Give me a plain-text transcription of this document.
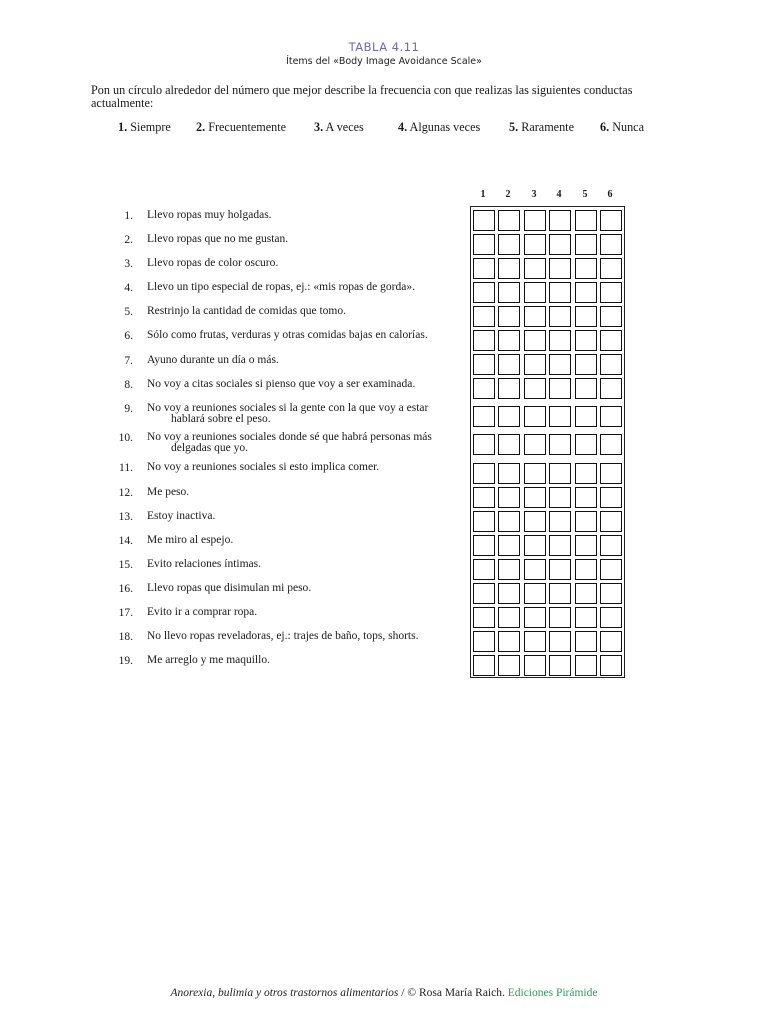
TABLA 4.11
Ítems del «Body Image Avoidance Scale»
Pon un círculo alrededor del número que mejor describe la frecuencia con que realizas las siguientes conductas actualmente:
1. Siempre 2. Frecuentemente 3. A veces	4. Algunas veces 5. Raramente 6. Nunca
1	2	3	4	5	6
1. Llevo ropas muy holgadas.
2. Llevo ropas que no me gustan.
3. Llevo ropas de color oscuro.
4. Llevo un tipo especial de ropas, ej.: «mis ropas de gorda».
5. Restrinjo la cantidad de comidas que tomo.
6. Sólo como frutas, verduras y otras comidas bajas en calorías.
7. Ayuno durante un día o más.
8. No voy a citas sociales si pienso que voy a ser examinada.
9. No voy a reuniones sociales si la gente con la que voy a estar
hablará sobre el peso.
10. No voy a reuniones sociales donde sé que habrá personas más
delgadas que yo.
11. No voy a reuniones sociales si esto implica comer.
12. Me peso.
13. Estoy inactiva.
14. Me miro al espejo.
15. Evito relaciones íntimas.
16. Llevo ropas que disimulan mi peso.
17. Evito ir a comprar ropa.
18. No llevo ropas reveladoras, ej.: trajes de baño, tops, shorts.
19. Me arreglo y me maquillo.
Anorexia, bulimia y otros trastornos alimentarios / © Rosa María Raich. Ediciones Pirámide
